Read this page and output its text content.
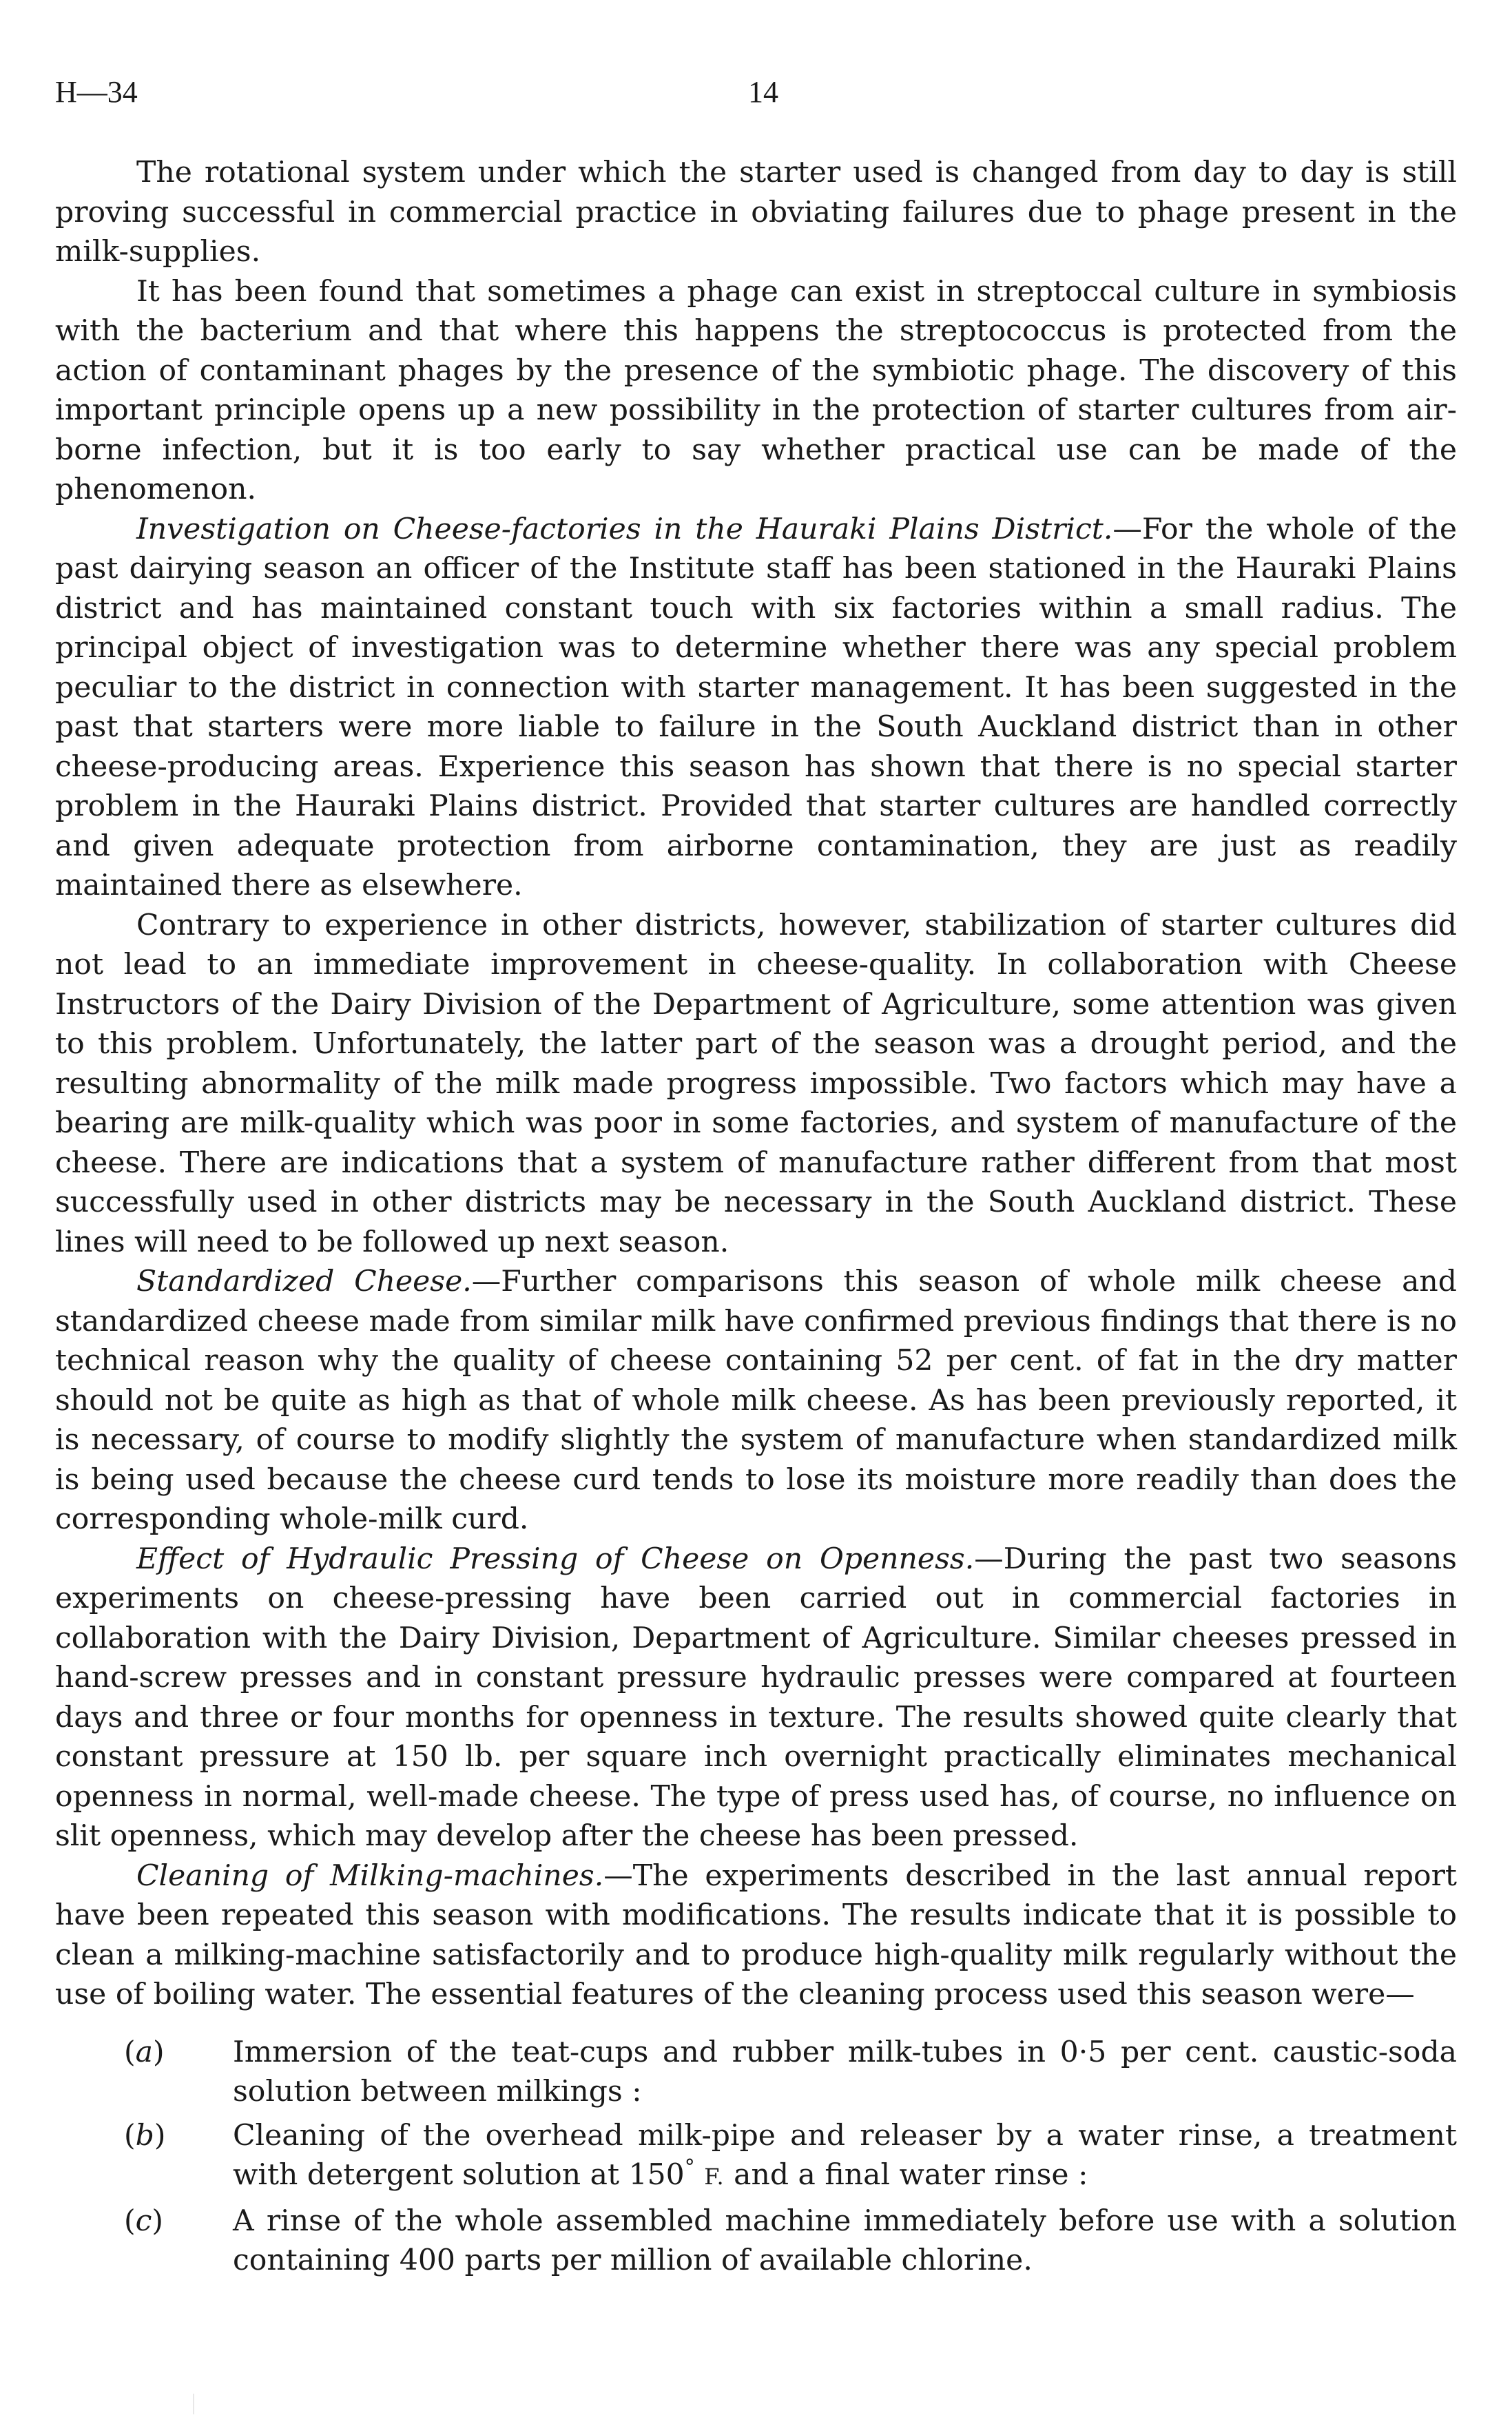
H—34	14

The rotational system under which the starter used is changed from day to day is still proving successful in commercial practice in obviating failures due to phage present in the milk-supplies.

It has been found that sometimes a phage can exist in streptoccal culture in symbiosis with the bacterium and that where this happens the streptococcus is protected from the action of contaminant phages by the presence of the symbiotic phage. The discovery of this important principle opens up a new possibility in the protection of starter cultures from air-borne infection, but it is too early to say whether practical use can be made of the phenomenon.

Investigation on Cheese-factories in the Hauraki Plains District.—For the whole of the past dairying season an officer of the Institute staff has been stationed in the Hauraki Plains district and has maintained constant touch with six factories within a small radius. The principal object of investigation was to determine whether there was any special problem peculiar to the district in connection with starter management. It has been suggested in the past that starters were more liable to failure in the South Auckland district than in other cheese-producing areas. Experience this season has shown that there is no special starter problem in the Hauraki Plains district. Provided that starter cultures are handled correctly and given adequate protection from airborne contamination, they are just as readily maintained there as elsewhere.

Contrary to experience in other districts, however, stabilization of starter cultures did not lead to an immediate improvement in cheese-quality. In collaboration with Cheese Instructors of the Dairy Division of the Department of Agriculture, some attention was given to this problem. Unfortunately, the latter part of the season was a drought period, and the resulting abnormality of the milk made progress impossible. Two factors which may have a bearing are milk-quality which was poor in some factories, and system of manufacture of the cheese. There are indications that a system of manufacture rather different from that most successfully used in other districts may be necessary in the South Auckland district. These lines will need to be followed up next season.

Standardized Cheese.—Further comparisons this season of whole milk cheese and standardized cheese made from similar milk have confirmed previous findings that there is no technical reason why the quality of cheese containing 52 per cent. of fat in the dry matter should not be quite as high as that of whole milk cheese. As has been previously reported, it is necessary, of course to modify slightly the system of manufacture when standardized milk is being used because the cheese curd tends to lose its moisture more readily than does the corresponding whole-milk curd.

Effect of Hydraulic Pressing of Cheese on Openness.—During the past two seasons experiments on cheese-pressing have been carried out in commercial factories in collaboration with the Dairy Division, Department of Agriculture. Similar cheeses pressed in hand-screw presses and in constant pressure hydraulic presses were compared at fourteen days and three or four months for openness in texture. The results showed quite clearly that constant pressure at 150 lb. per square inch overnight practically eliminates mechanical openness in normal, well-made cheese. The type of press used has, of course, no influence on slit openness, which may develop after the cheese has been pressed.

Cleaning of Milking-machines.—The experiments described in the last annual report have been repeated this season with modifications. The results indicate that it is possible to clean a milking-machine satisfactorily and to produce high-quality milk regularly without the use of boiling water. The essential features of the cleaning process used this season were—

(a) Immersion of the teat-cups and rubber milk-tubes in 0·5 per cent. caustic-soda solution between milkings :
(b) Cleaning of the overhead milk-pipe and releaser by a water rinse, a treatment with detergent solution at 150° F. and a final water rinse :
(c) A rinse of the whole assembled machine immediately before use with a solution containing 400 parts per million of available chlorine.
